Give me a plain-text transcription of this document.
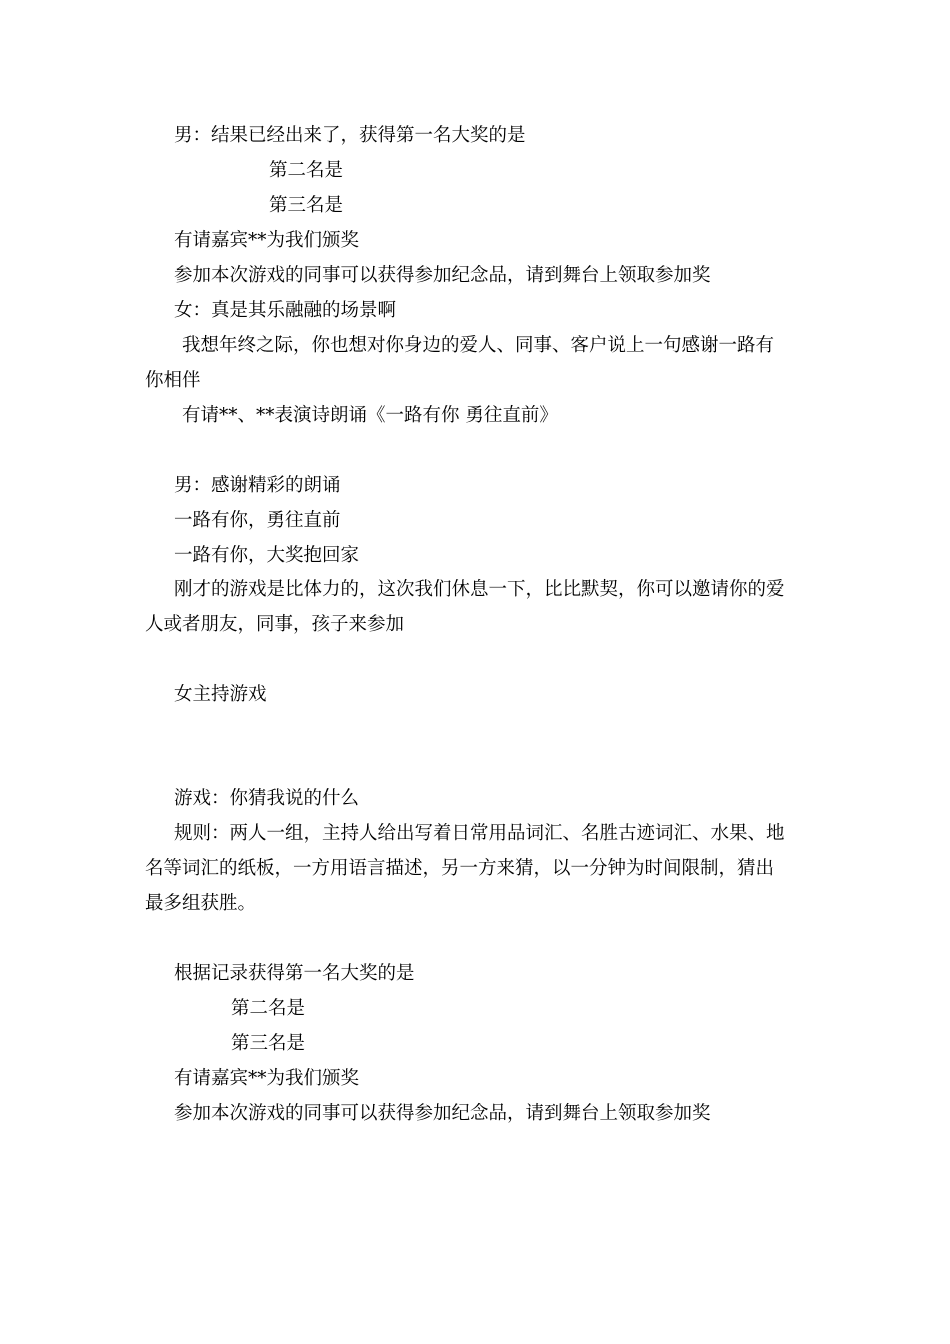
男：结果已经出来了，获得第一名大奖的是

第二名是

第三名是

有请嘉宾**为我们颁奖

参加本次游戏的同事可以获得参加纪念品，请到舞台上领取参加奖

女：真是其乐融融的场景啊

我想年终之际，你也想对你身边的爱人、同事、客户说上一句感谢一路有

你相伴

有请**、**表演诗朗诵《一路有你 勇往直前》

男：感谢精彩的朗诵

一路有你，勇往直前

一路有你，大奖抱回家

刚才的游戏是比体力的，这次我们休息一下，比比默契，你可以邀请你的爱

人或者朋友，同事，孩子来参加

女主持游戏

游戏：你猜我说的什么

规则：两人一组，主持人给出写着日常用品词汇、名胜古迹词汇、水果、地

名等词汇的纸板，一方用语言描述，另一方来猜，以一分钟为时间限制，猜出

最多组获胜。

根据记录获得第一名大奖的是

第二名是

第三名是

有请嘉宾**为我们颁奖

参加本次游戏的同事可以获得参加纪念品，请到舞台上领取参加奖
